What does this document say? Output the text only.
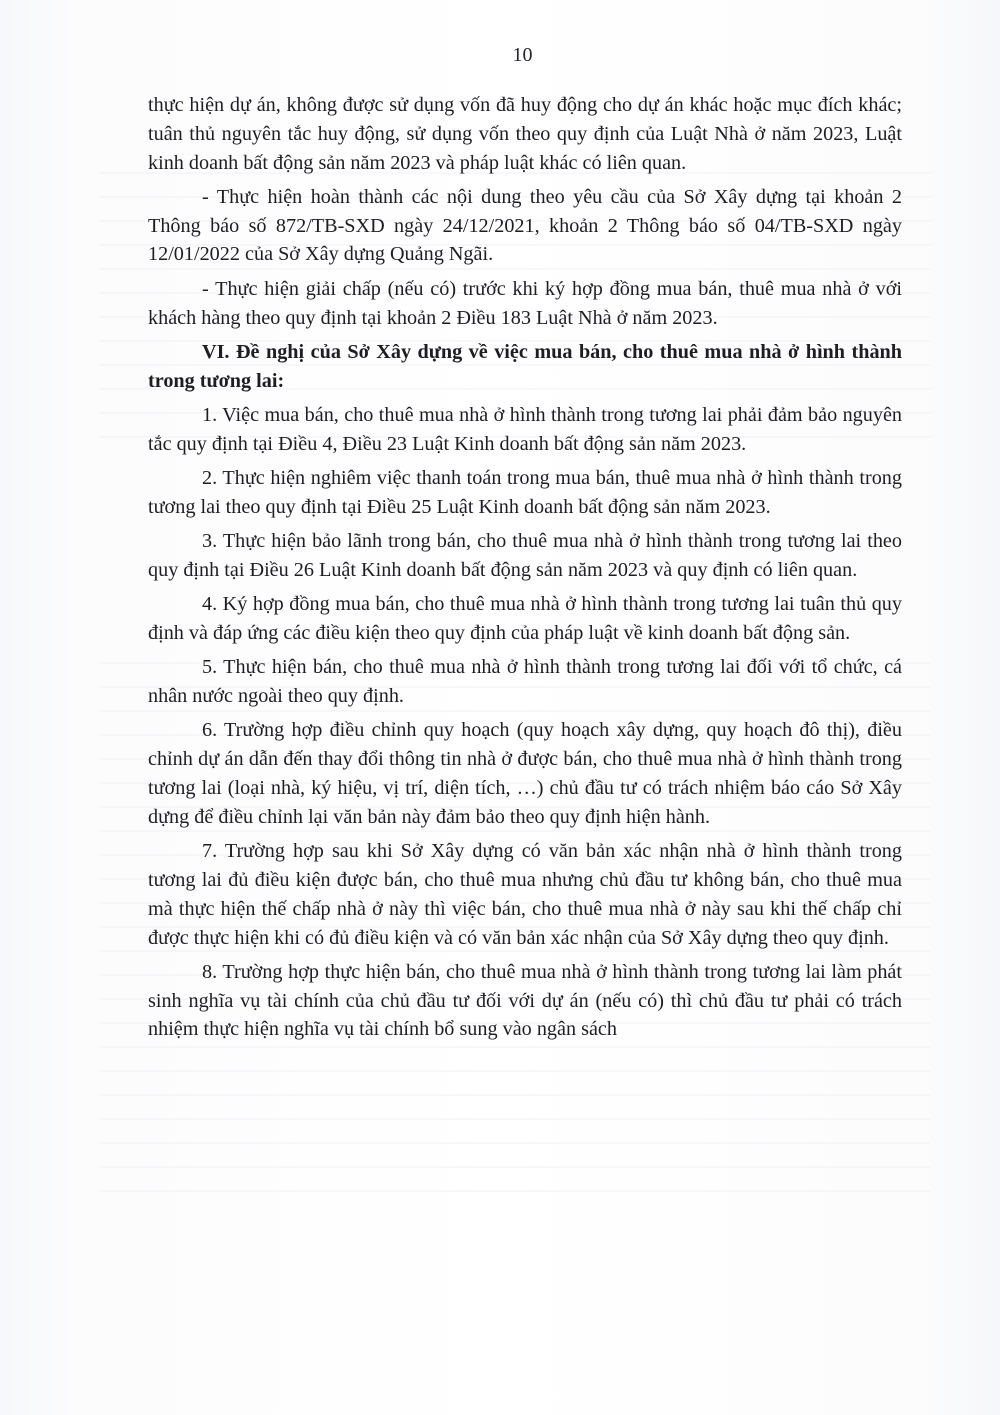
10

thực hiện dự án, không được sử dụng vốn đã huy động cho dự án khác hoặc mục đích khác; tuân thủ nguyên tắc huy động, sử dụng vốn theo quy định của Luật Nhà ở năm 2023, Luật kinh doanh bất động sản năm 2023 và pháp luật khác có liên quan.

- Thực hiện hoàn thành các nội dung theo yêu cầu của Sở Xây dựng tại khoản 2 Thông báo số 872/TB-SXD ngày 24/12/2021, khoản 2 Thông báo số 04/TB-SXD ngày 12/01/2022 của Sở Xây dựng Quảng Ngãi.

- Thực hiện giải chấp (nếu có) trước khi ký hợp đồng mua bán, thuê mua nhà ở với khách hàng theo quy định tại khoản 2 Điều 183 Luật Nhà ở năm 2023.

VI. Đề nghị của Sở Xây dựng về việc mua bán, cho thuê mua nhà ở hình thành trong tương lai:

1. Việc mua bán, cho thuê mua nhà ở hình thành trong tương lai phải đảm bảo nguyên tắc quy định tại Điều 4, Điều 23 Luật Kinh doanh bất động sản năm 2023.

2. Thực hiện nghiêm việc thanh toán trong mua bán, thuê mua nhà ở hình thành trong tương lai theo quy định tại Điều 25 Luật Kinh doanh bất động sản năm 2023.

3. Thực hiện bảo lãnh trong bán, cho thuê mua nhà ở hình thành trong tương lai theo quy định tại Điều 26 Luật Kinh doanh bất động sản năm 2023 và quy định có liên quan.

4. Ký hợp đồng mua bán, cho thuê mua nhà ở hình thành trong tương lai tuân thủ quy định và đáp ứng các điều kiện theo quy định của pháp luật về kinh doanh bất động sản.

5. Thực hiện bán, cho thuê mua nhà ở hình thành trong tương lai đối với tổ chức, cá nhân nước ngoài theo quy định.

6. Trường hợp điều chỉnh quy hoạch (quy hoạch xây dựng, quy hoạch đô thị), điều chỉnh dự án dẫn đến thay đổi thông tin nhà ở được bán, cho thuê mua nhà ở hình thành trong tương lai (loại nhà, ký hiệu, vị trí, diện tích, …) chủ đầu tư có trách nhiệm báo cáo Sở Xây dựng để điều chỉnh lại văn bản này đảm bảo theo quy định hiện hành.

7. Trường hợp sau khi Sở Xây dựng có văn bản xác nhận nhà ở hình thành trong tương lai đủ điều kiện được bán, cho thuê mua nhưng chủ đầu tư không bán, cho thuê mua mà thực hiện thế chấp nhà ở này thì việc bán, cho thuê mua nhà ở này sau khi thế chấp chỉ được thực hiện khi có đủ điều kiện và có văn bản xác nhận của Sở Xây dựng theo quy định.

8. Trường hợp thực hiện bán, cho thuê mua nhà ở hình thành trong tương lai làm phát sinh nghĩa vụ tài chính của chủ đầu tư đối với dự án (nếu có) thì chủ đầu tư phải có trách nhiệm thực hiện nghĩa vụ tài chính bổ sung vào ngân sách
